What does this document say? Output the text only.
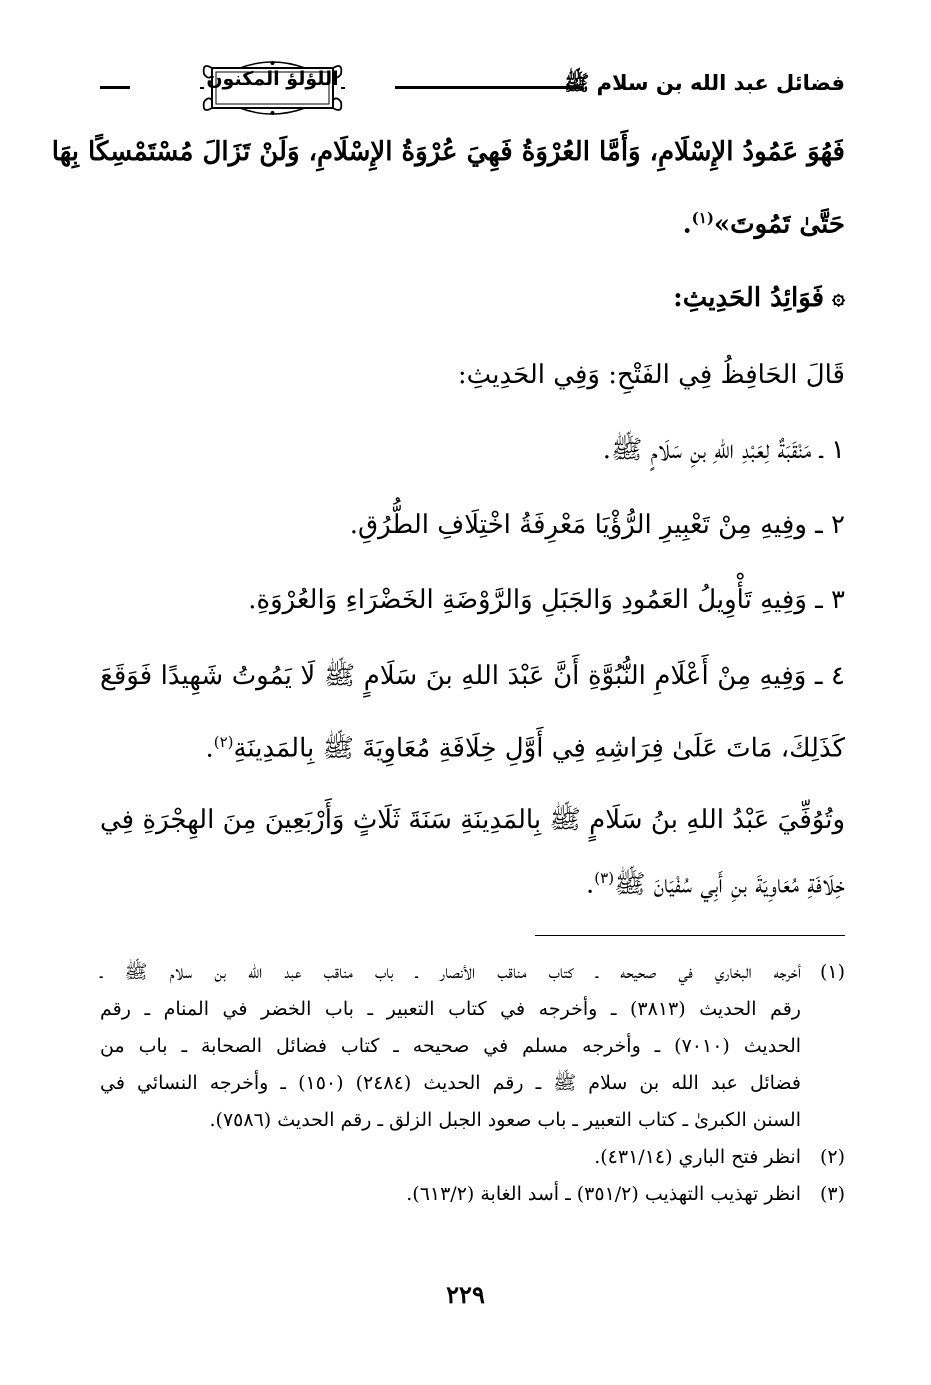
فضائل عبد الله بن سلام ﷺ
اللؤلؤ المكنون
فَهُوَ عَمُودُ الإِسْلَامِ، وَأَمَّا العُرْوَةُ فَهِيَ عُرْوَةُ الإِسْلَامِ، وَلَنْ تَزَالَ مُسْتَمْسِكًا بِهَا
حَتَّىٰ تَمُوتَ»$^{(١)}$.
۞فَوَائِدُ الحَدِيثِ:
قَالَ الحَافِظُ فِي الفَتْحِ: وَفِي الحَدِيثِ:
١ ـ مَنْقَبَةٌ لِعَبْدِ اللهِ بنِ سَلَامٍ ﷺ.
٢ ـ وفِيهِ مِنْ تَعْبِيرِ الرُّؤْيَا مَعْرِفَةُ اخْتِلَافِ الطُّرُقِ.
٣ ـ وَفِيهِ تَأْوِيلُ العَمُودِ وَالجَبَلِ وَالرَّوْضَةِ الخَضْرَاءِ وَالعُرْوَةِ.
٤ ـ وَفِيهِ مِنْ أَعْلَامِ النُّبُوَّةِ أَنَّ عَبْدَ اللهِ بنَ سَلَامٍ ﷺ لَا يَمُوتُ شَهِيدًا فَوَقَعَ
كَذَلِكَ، مَاتَ عَلَىٰ فِرَاشِهِ فِي أَوَّلِ خِلَافَةِ مُعَاوِيَةَ ﷺ بِالمَدِينَةِ$^{(٢)}$.
وتُوُفِّيَ عَبْدُ اللهِ بنُ سَلَامٍ ﷺ بِالمَدِينَةِ سَنَةَ ثَلَاثٍ وَأَرْبَعِينَ مِنَ الهِجْرَةِ فِي
خِلَافَةِ مُعَاوِيَةَ بنِ أَبِي سُفْيَانَ ﷺ$^{(٣)}$.
(١)أخرجه البخاري في صحيحه ـ كتاب مناقب الأنصار ـ باب مناقب عبد الله بن سلام ﷺ ـ
رقم الحديث (٣٨١٣) ـ وأخرجه في كتاب التعبير ـ باب الخضر في المنام ـ رقم
الحديث (٧٠١٠) ـ وأخرجه مسلم في صحيحه ـ كتاب فضائل الصحابة ـ باب من
فضائل عبد الله بن سلام ﷺ ـ رقم الحديث (٢٤٨٤) (١٥٠) ـ وأخرجه النسائي في
السنن الكبرىٰ ـ كتاب التعبير ـ باب صعود الجبل الزلق ـ رقم الحديث (٧٥٨٦).
(٢)انظر فتح الباري (٤٣١/١٤).
(٣)انظر تهذيب التهذيب (٣٥١/٢) ـ أسد الغابة (٦١٣/٢).
٢٢٩
